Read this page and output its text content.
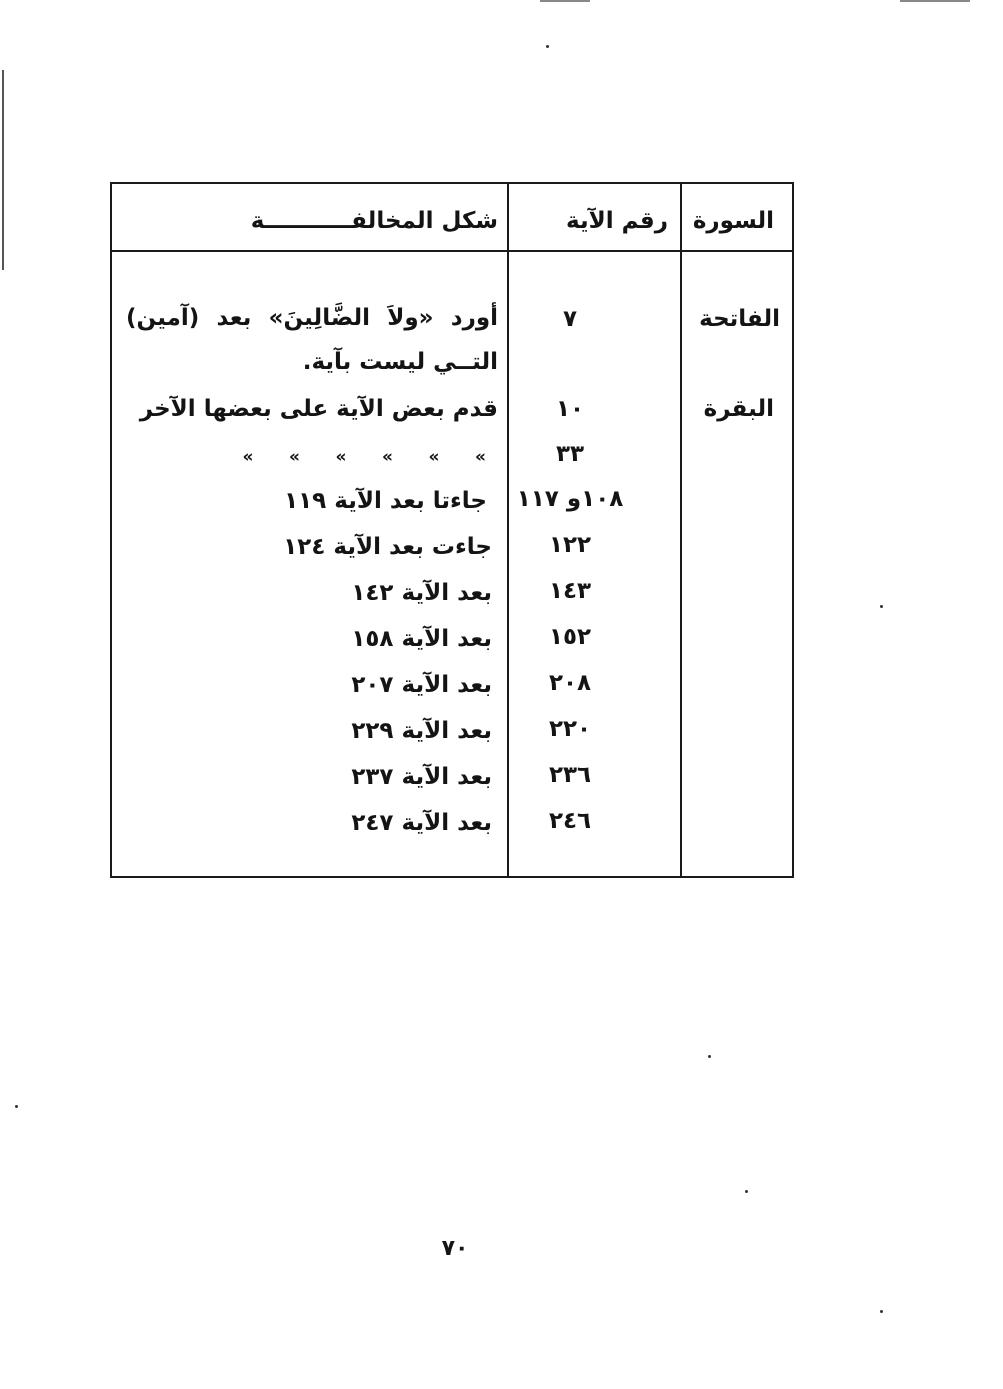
السورة
رقم الآية
شكل المخالفـــــــــــة
الفاتحة
٧
أورد «ولاَ الضَّالِينَ» بعد (آمين) التــي ليست بآية.
البقرة
١٠
قدم بعض الآية على بعضها الآخر
٣٣
»      »      »      »      »      »
١٠٨و ١١٧
جاءتا بعد الآية ١١٩
١٢٢
جاءت بعد الآية ١٢٤
١٤٣
بعد الآية ١٤٢
١٥٢
بعد الآية ١٥٨
٢٠٨
بعد الآية ٢٠٧
٢٢٠
بعد الآية ٢٢٩
٢٣٦
بعد الآية ٢٣٧
٢٤٦
بعد الآية ٢٤٧
٧٠
